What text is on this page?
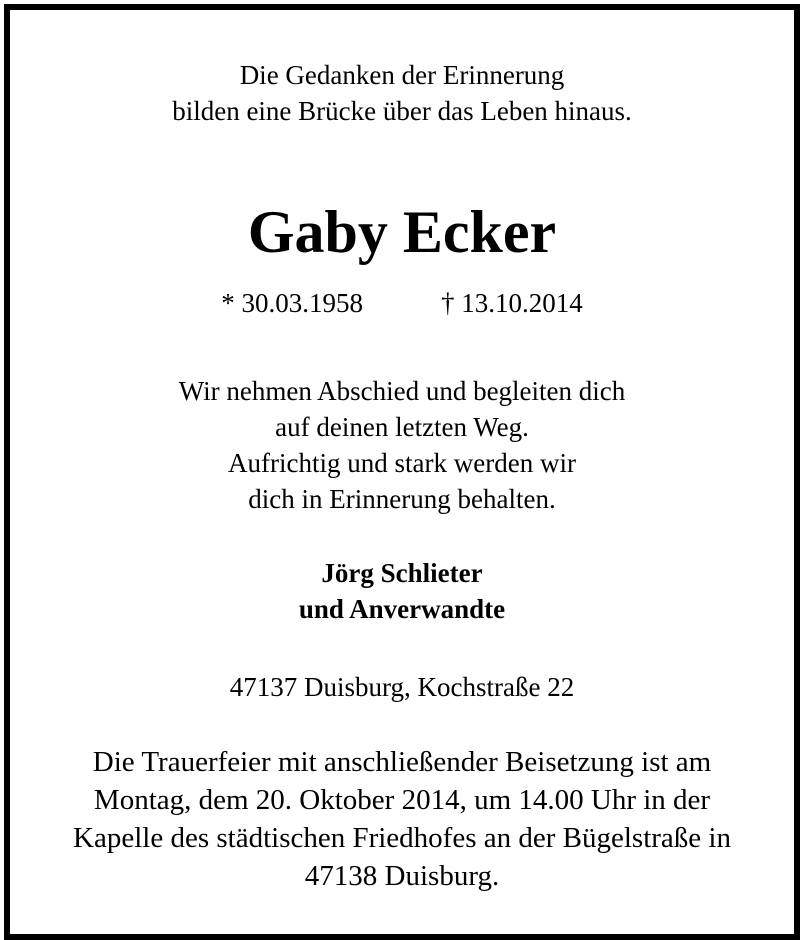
Die Gedanken der Erinnerung
bilden eine Brücke über das Leben hinaus.
Gaby Ecker
* 30.03.1958	† 13.10.2014
Wir nehmen Abschied und begleiten dich
auf deinen letzten Weg.
Aufrichtig und stark werden wir
dich in Erinnerung behalten.
Jörg Schlieter
und Anverwandte
47137 Duisburg, Kochstraße 22
Die Trauerfeier mit anschließender Beisetzung ist am
Montag, dem 20. Oktober 2014, um 14.00 Uhr in der
Kapelle des städtischen Friedhofes an der Bügelstraße in
47138 Duisburg.
